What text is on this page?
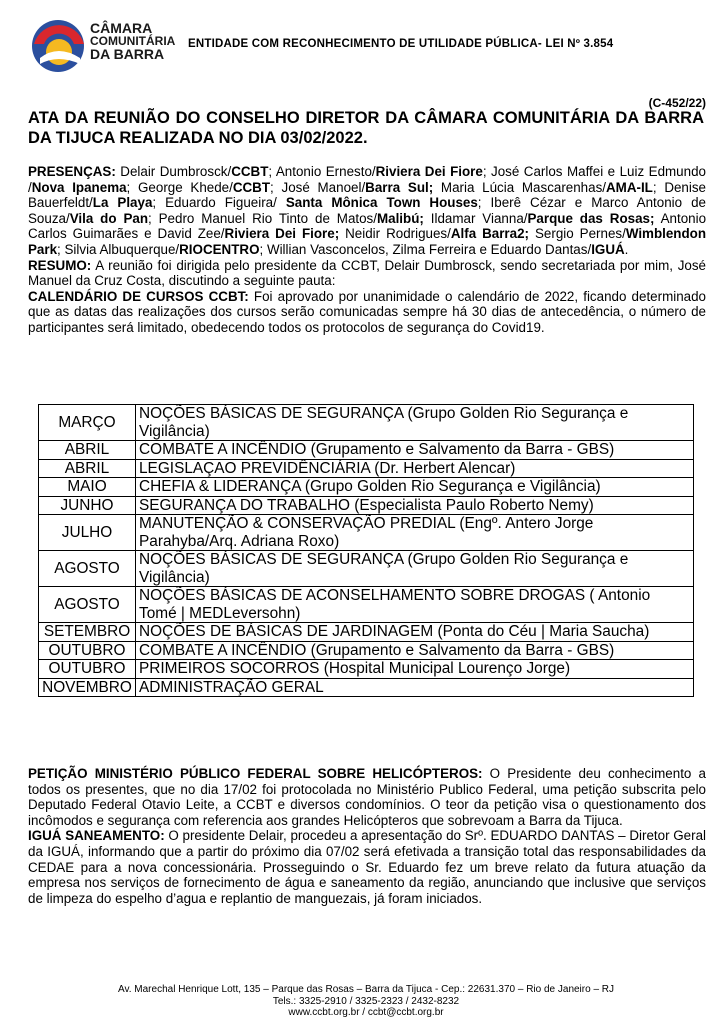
CÂMARA
COMUNITÁRIA
DA BARRA
ENTIDADE COM RECONHECIMENTO DE UTILIDADE PÚBLICA- LEI Nº 3.854
(C-452/22)
ATA DA REUNIÃO DO CONSELHO DIRETOR DA CÂMARA COMUNITÁRIA DA BARRA DA TIJUCA REALIZADA NO DIA 03/02/2022.

PRESENÇAS: Delair Dumbrosck/CCBT; Antonio Ernesto/Riviera Dei Fiore; José Carlos Maffei e Luiz Edmundo /Nova Ipanema; George Khede/CCBT; José Manoel/Barra Sul; Maria Lúcia Mascarenhas/AMA-IL; Denise Bauerfeldt/La Playa; Eduardo Figueira/ Santa Mônica Town Houses; Iberê Cézar e Marco Antonio de Souza/Vila do Pan; Pedro Manuel Rio Tinto de Matos/Malibú; Ildamar Vianna/Parque das Rosas; Antonio Carlos Guimarães e David Zee/Riviera Dei Fiore; Neidir Rodrigues/Alfa Barra2; Sergio Pernes/Wimblendon Park; Silvia Albuquerque/RIOCENTRO; Willian Vasconcelos, Zilma Ferreira e Eduardo Dantas/IGUÁ.

RESUMO: A reunião foi dirigida pelo presidente da CCBT, Delair Dumbrosck, sendo secretariada por mim, José Manuel da Cruz Costa, discutindo a seguinte pauta:

CALENDÁRIO DE CURSOS CCBT: Foi aprovado por unanimidade o calendário de 2022, ficando determinado que as datas das realizações dos cursos serão comunicadas sempre há 30 dias de antecedência, o número de participantes será limitado, obedecendo todos os protocolos de segurança do Covid19.

MARÇO	NOÇÕES BÁSICAS DE SEGURANÇA (Grupo Golden Rio Segurança e Vigilância)
ABRIL	COMBATE A INCÊNDIO (Grupamento e Salvamento da Barra - GBS)
ABRIL	LEGISLAÇAO PREVIDÊNCIÁRIA (Dr. Herbert Alencar)
MAIO	CHEFIA & LIDERANÇA (Grupo Golden Rio Segurança e Vigilância)
JUNHO	SEGURANÇA DO TRABALHO (Especialista Paulo Roberto Nemy)
JULHO	MANUTENÇÃO & CONSERVAÇÃO PREDIAL (Engº. Antero Jorge Parahyba/Arq. Adriana Roxo)
AGOSTO	NOÇÕES BÁSICAS DE SEGURANÇA (Grupo Golden Rio Segurança e Vigilância)
AGOSTO	NOÇÕES BÁSICAS DE ACONSELHAMENTO SOBRE DROGAS ( Antonio Tomé | MEDLeversohn)
SETEMBRO	NOÇÕES DE BÁSICAS DE JARDINAGEM (Ponta do Céu | Maria Saucha)
OUTUBRO	COMBATE A INCÊNDIO (Grupamento e Salvamento da Barra - GBS)
OUTUBRO	PRIMEIROS SOCORROS (Hospital Municipal Lourenço Jorge)
NOVEMBRO	ADMINISTRAÇÃO GERAL

PETIÇÃO MINISTÉRIO PÚBLICO FEDERAL SOBRE HELICÓPTEROS: O Presidente deu conhecimento a todos os presentes, que no dia 17/02 foi protocolada no Ministério Publico Federal, uma petição subscrita pelo Deputado Federal Otavio Leite, a CCBT e diversos condomínios. O teor da petição visa o questionamento dos incômodos e segurança com referencia aos grandes Helicópteros que sobrevoam a Barra da Tijuca.

IGUÁ SANEAMENTO: O presidente Delair, procedeu a apresentação do Srº. EDUARDO DANTAS – Diretor Geral da IGUÁ, informando que a partir do próximo dia 07/02 será efetivada a transição total das responsabilidades da CEDAE para a nova concessionária. Prosseguindo o Sr. Eduardo fez um breve relato da futura atuação da empresa nos serviços de fornecimento de água e saneamento da região, anunciando que inclusive que serviços de limpeza do espelho d’agua e replantio de manguezais, já foram iniciados.

Av. Marechal Henrique Lott, 135 – Parque das Rosas – Barra da Tijuca - Cep.: 22631.370 – Rio de Janeiro – RJ
Tels.: 3325-2910 / 3325-2323 / 2432-8232
www.ccbt.org.br / ccbt@ccbt.org.br
